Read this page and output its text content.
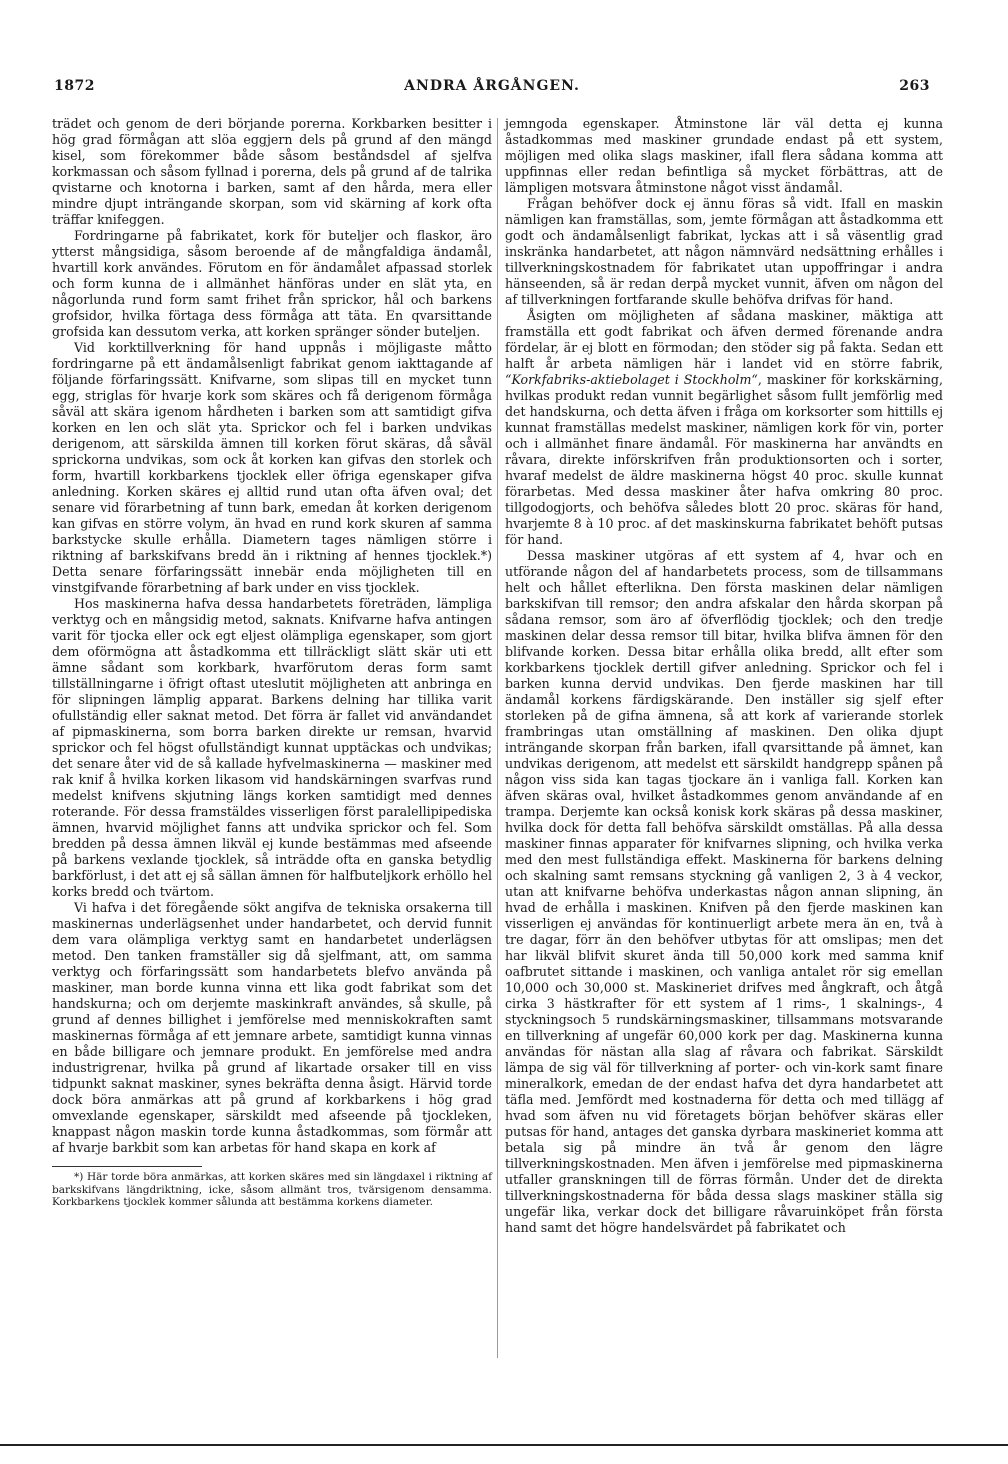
1872	ANDRA ÅRGÅNGEN.	263

trädet och genom de deri börjande porerna. Korkbarken besitter i hög grad förmågan att slöa eggjern dels på grund af den mängd kisel, som förekommer både såsom beståndsdel af sjelfva korkmassan och såsom fyllnad i porerna, dels på grund af de talrika qvistarne och knotorna i barken, samt af den hårda, mera eller mindre djupt inträngande skorpan, som vid skärning af kork ofta träffar knifeggen.

Fordringarne på fabrikatet, kork för buteljer och flaskor, äro ytterst mångsidiga, såsom beroende af de mångfaldiga ändamål, hvartill kork användes. Förutom en för ändamålet afpassad storlek och form kunna de i allmänhet hänföras under en slät yta, en någorlunda rund form samt frihet från sprickor, hål och barkens grofsidor, hvilka förtaga dess förmåga att täta. En qvarsittande grofsida kan dessutom verka, att korken spränger sönder buteljen.

Vid korktillverkning för hand uppnås i möjligaste måtto fordringarne på ett ändamålsenligt fabrikat genom iakttagande af följande förfaringssätt. Knifvarne, som slipas till en mycket tunn egg, striglas för hvarje kork som skäres och få derigenom förmåga såväl att skära igenom hårdheten i barken som att samtidigt gifva korken en len och slät yta. Sprickor och fel i barken undvikas derigenom, att särskilda ämnen till korken förut skäras, då såväl sprickorna undvikas, som ock åt korken kan gifvas den storlek och form, hvartill korkbarkens tjocklek eller öfriga egenskaper gifva anledning. Korken skäres ej alltid rund utan ofta äfven oval; det senare vid förarbetning af tunn bark, emedan åt korken derigenom kan gifvas en större volym, än hvad en rund kork skuren af samma barkstycke skulle erhålla. Diametern tages nämligen större i riktning af barkskifvans bredd än i riktning af hennes tjocklek.*) Detta senare förfaringssätt innebär enda möjligheten till en vinstgifvande förarbetning af bark under en viss tjocklek.

Hos maskinerna hafva dessa handarbetets företräden, lämpliga verktyg och en mångsidig metod, saknats. Knifvarne hafva antingen varit för tjocka eller ock egt eljest olämpliga egenskaper, som gjort dem oförmögna att åstadkomma ett tillräckligt slätt skär uti ett ämne sådant som korkbark, hvarförutom deras form samt tillställningarne i öfrigt oftast uteslutit möjligheten att anbringa en för slipningen lämplig apparat. Barkens delning har tillika varit ofullständig eller saknat metod. Det förra är fallet vid användandet af pipmaskinerna, som borra barken direkte ur remsan, hvarvid sprickor och fel högst ofullständigt kunnat upptäckas och undvikas; det senare åter vid de så kallade hyfvelmaskinerna — maskiner med rak knif å hvilka korken likasom vid handskärningen svarfvas rund medelst knifvens skjutning längs korken samtidigt med dennes roterande. För dessa framstäldes visserligen först paralellipipediska ämnen, hvarvid möjlighet fanns att undvika sprickor och fel. Som bredden på dessa ämnen likväl ej kunde bestämmas med afseende på barkens vexlande tjocklek, så inträdde ofta en ganska betydlig barkförlust, i det att ej så sällan ämnen för halfbuteljkork erhöllo hel korks bredd och tvärtom.

Vi hafva i det föregående sökt angifva de tekniska orsakerna till maskinernas underlägsenhet under handarbetet, och dervid funnit dem vara olämpliga verktyg samt en handarbetet underlägsen metod. Den tanken framställer sig då sjelfmant, att, om samma verktyg och förfaringssätt som handarbetets blefvo använda på maskiner, man borde kunna vinna ett lika godt fabrikat som det handskurna; och om derjemte maskinkraft användes, så skulle, på grund af dennes billighet i jemförelse med menniskokraften samt maskinernas förmåga af ett jemnare arbete, samtidigt kunna vinnas en både billigare och jemnare produkt. En jemförelse med andra industrigrenar, hvilka på grund af likartade orsaker till en viss tidpunkt saknat maskiner, synes bekräfta denna åsigt. Härvid torde dock böra anmärkas att på grund af korkbarkens i hög grad omvexlande egenskaper, särskildt med afseende på tjockleken, knappast någon maskin torde kunna åstadkommas, som förmår att af hvarje barkbit som kan arbetas för hand skapa en kork af

*) Här torde böra anmärkas, att korken skäres med sin längdaxel i riktning af barkskifvans längdriktning, icke, såsom allmänt tros, tvärsigenom densamma. Korkbarkens tjocklek kommer sålunda att bestämma korkens diameter.

jemngoda egenskaper. Åtminstone lär väl detta ej kunna åstadkommas med maskiner grundade endast på ett system, möjligen med olika slags maskiner, ifall flera sådana komma att uppfinnas eller redan befintliga så mycket förbättras, att de lämpligen motsvara åtminstone något visst ändamål.

Frågan behöfver dock ej ännu föras så vidt. Ifall en maskin nämligen kan framställas, som, jemte förmågan att åstadkomma ett godt och ändamålsenligt fabrikat, lyckas att i så väsentlig grad inskränka handarbetet, att någon nämnvärd nedsättning erhålles i tillverkningskostnadem för fabrikatet utan uppoffringar i andra hänseenden, så är redan derpå mycket vunnit, äfven om någon del af tillverkningen fortfarande skulle behöfva drifvas för hand.

Åsigten om möjligheten af sådana maskiner, mäktiga att framställa ett godt fabrikat och äfven dermed förenande andra fördelar, är ej blott en förmodan; den stöder sig på fakta. Sedan ett halft år arbeta nämligen här i landet vid en större fabrik, “Korkfabriks-aktiebolaget i Stockholm“, maskiner för korkskärning, hvilkas produkt redan vunnit begärlighet såsom fullt jemförlig med det handskurna, och detta äfven i fråga om korksorter som hittills ej kunnat framställas medelst maskiner, nämligen kork för vin, porter och i allmänhet finare ändamål. För maskinerna har användts en råvara, direkte införskrifven från produktionsorten och i sorter, hvaraf medelst de äldre maskinerna högst 40 proc. skulle kunnat förarbetas. Med dessa maskiner åter hafva omkring 80 proc. tillgodogjorts, och behöfva således blott 20 proc. skäras för hand, hvarjemte 8 à 10 proc. af det maskinskurna fabrikatet behöft putsas för hand.

Dessa maskiner utgöras af ett system af 4, hvar och en utförande någon del af handarbetets process, som de tillsammans helt och hållet efterlikna. Den första maskinen delar nämligen barkskifvan till remsor; den andra afskalar den hårda skorpan på sådana remsor, som äro af öfverflödig tjocklek; och den tredje maskinen delar dessa remsor till bitar, hvilka blifva ämnen för den blifvande korken. Dessa bitar erhålla olika bredd, allt efter som korkbarkens tjocklek dertill gifver anledning. Sprickor och fel i barken kunna dervid undvikas. Den fjerde maskinen har till ändamål korkens färdigskärande. Den inställer sig sjelf efter storleken på de gifna ämnena, så att kork af varierande storlek frambringas utan omställning af maskinen. Den olika djupt inträngande skorpan från barken, ifall qvarsittande på ämnet, kan undvikas derigenom, att medelst ett särskildt handgrepp spånen på någon viss sida kan tagas tjockare än i vanliga fall. Korken kan äfven skäras oval, hvilket åstadkommes genom användande af en trampa. Derjemte kan också konisk kork skäras på dessa maskiner, hvilka dock för detta fall behöfva särskildt omställas. På alla dessa maskiner finnas apparater för knifvarnes slipning, och hvilka verka med den mest fullständiga effekt. Maskinerna för barkens delning och skalning samt remsans styckning gå vanligen 2, 3 à 4 veckor, utan att knifvarne behöfva underkastas någon annan slipning, än hvad de erhålla i maskinen. Knifven på den fjerde maskinen kan visserligen ej användas för kontinuerligt arbete mera än en, två à tre dagar, förr än den behöfver utbytas för att omslipas; men det har likväl blifvit skuret ända till 50,000 kork med samma knif oafbrutet sittande i maskinen, och vanliga antalet rör sig emellan 10,000 och 30,000 st. Maskineriet drifves med ångkraft, och åtgå cirka 3 hästkrafter för ett system af 1 rims-, 1 skalnings-, 4 styckningsoch 5 rundskärningsmaskiner, tillsammans motsvarande en tillverkning af ungefär 60,000 kork per dag. Maskinerna kunna användas för nästan alla slag af råvara och fabrikat. Särskildt lämpa de sig väl för tillverkning af porter- och vin-kork samt finare mineralkork, emedan de der endast hafva det dyra handarbetet att täfla med. Jemfördt med kostnaderna för detta och med tillägg af hvad som äfven nu vid företagets början behöfver skäras eller putsas för hand, antages det ganska dyrbara maskineriet komma att betala sig på mindre än två år genom den lägre tillverkningskostnaden. Men äfven i jemförelse med pipmaskinerna utfaller granskningen till de förras förmån. Under det de direkta tillverkningskostnaderna för båda dessa slags maskiner ställa sig ungefär lika, verkar dock det billigare råvaruinköpet från första hand samt det högre handelsvärdet på fabrikatet och
